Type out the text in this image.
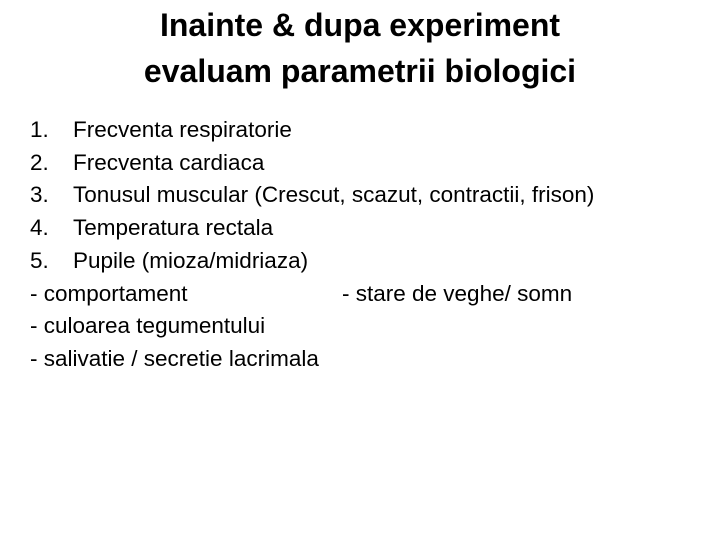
Inainte & dupa experiment
evaluam parametrii biologici
1. Frecventa respiratorie
2. Frecventa cardiaca
3. Tonusul muscular (Crescut, scazut, contractii, frison)
4. Temperatura rectala
5. Pupile (mioza/midriaza)
- comportament	- stare de veghe/ somn
- culoarea tegumentului
- salivatie / secretie lacrimala
